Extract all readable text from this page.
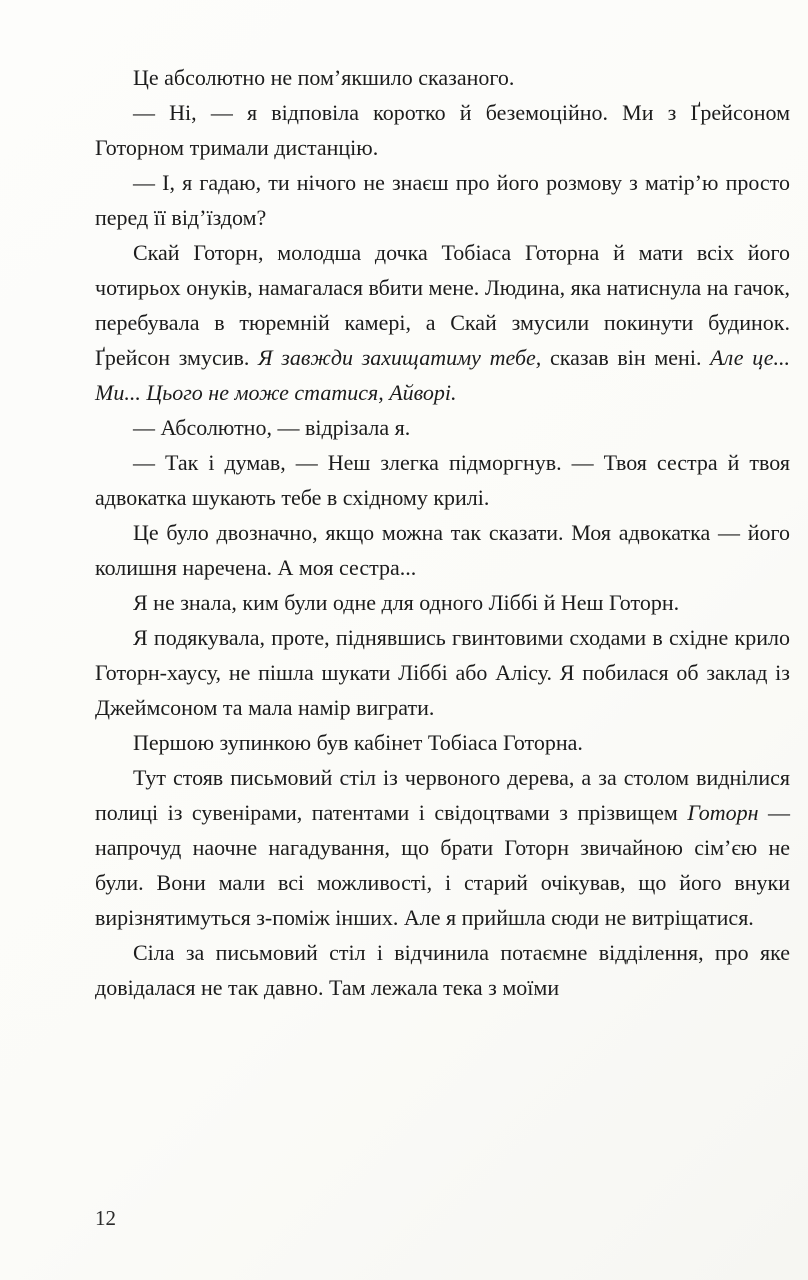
Це абсолютно не пом’якшило сказаного.

— Ні, — я відповіла коротко й беземоційно. Ми з Ґрейсоном Готорном тримали дистанцію.

— І, я гадаю, ти нічого не знаєш про його розмову з матір’ю просто перед її від’їздом?

Скай Готорн, молодша дочка Тобіаса Готорна й мати всіх його чотирьох онуків, намагалася вбити мене. Людина, яка натиснула на гачок, перебувала в тюремній камері, а Скай змусили покинути будинок. Ґрейсон змусив. Я завжди захищатиму тебе, сказав він мені. Але це... Ми... Цього не може статися, Айворі.

— Абсолютно, — відрізала я.

— Так і думав, — Неш злегка підморгнув. — Твоя сестра й твоя адвокатка шукають тебе в східному крилі.

Це було двозначно, якщо можна так сказати. Моя адвокатка — його колишня наречена. А моя сестра...

Я не знала, ким були одне для одного Ліббі й Неш Готорн.

Я подякувала, проте, піднявшись гвинтовими сходами в східне крило Готорн-хаусу, не пішла шукати Ліббі або Алісу. Я побилася об заклад із Джеймсоном та мала намір виграти.

Першою зупинкою був кабінет Тобіаса Готорна.

Тут стояв письмовий стіл із червоного дерева, а за столом виднілися полиці із сувенірами, патентами і свідоцтвами з прізвищем Готорн — напрочуд наочне нагадування, що брати Готорн звичайною сім’єю не були. Вони мали всі можливості, і старий очікував, що його внуки вирізнятимуться з-поміж інших. Але я прийшла сюди не витріщатися.

Сіла за письмовий стіл і відчинила потаємне відділення, про яке довідалася не так давно. Там лежала тека з моїми

12
